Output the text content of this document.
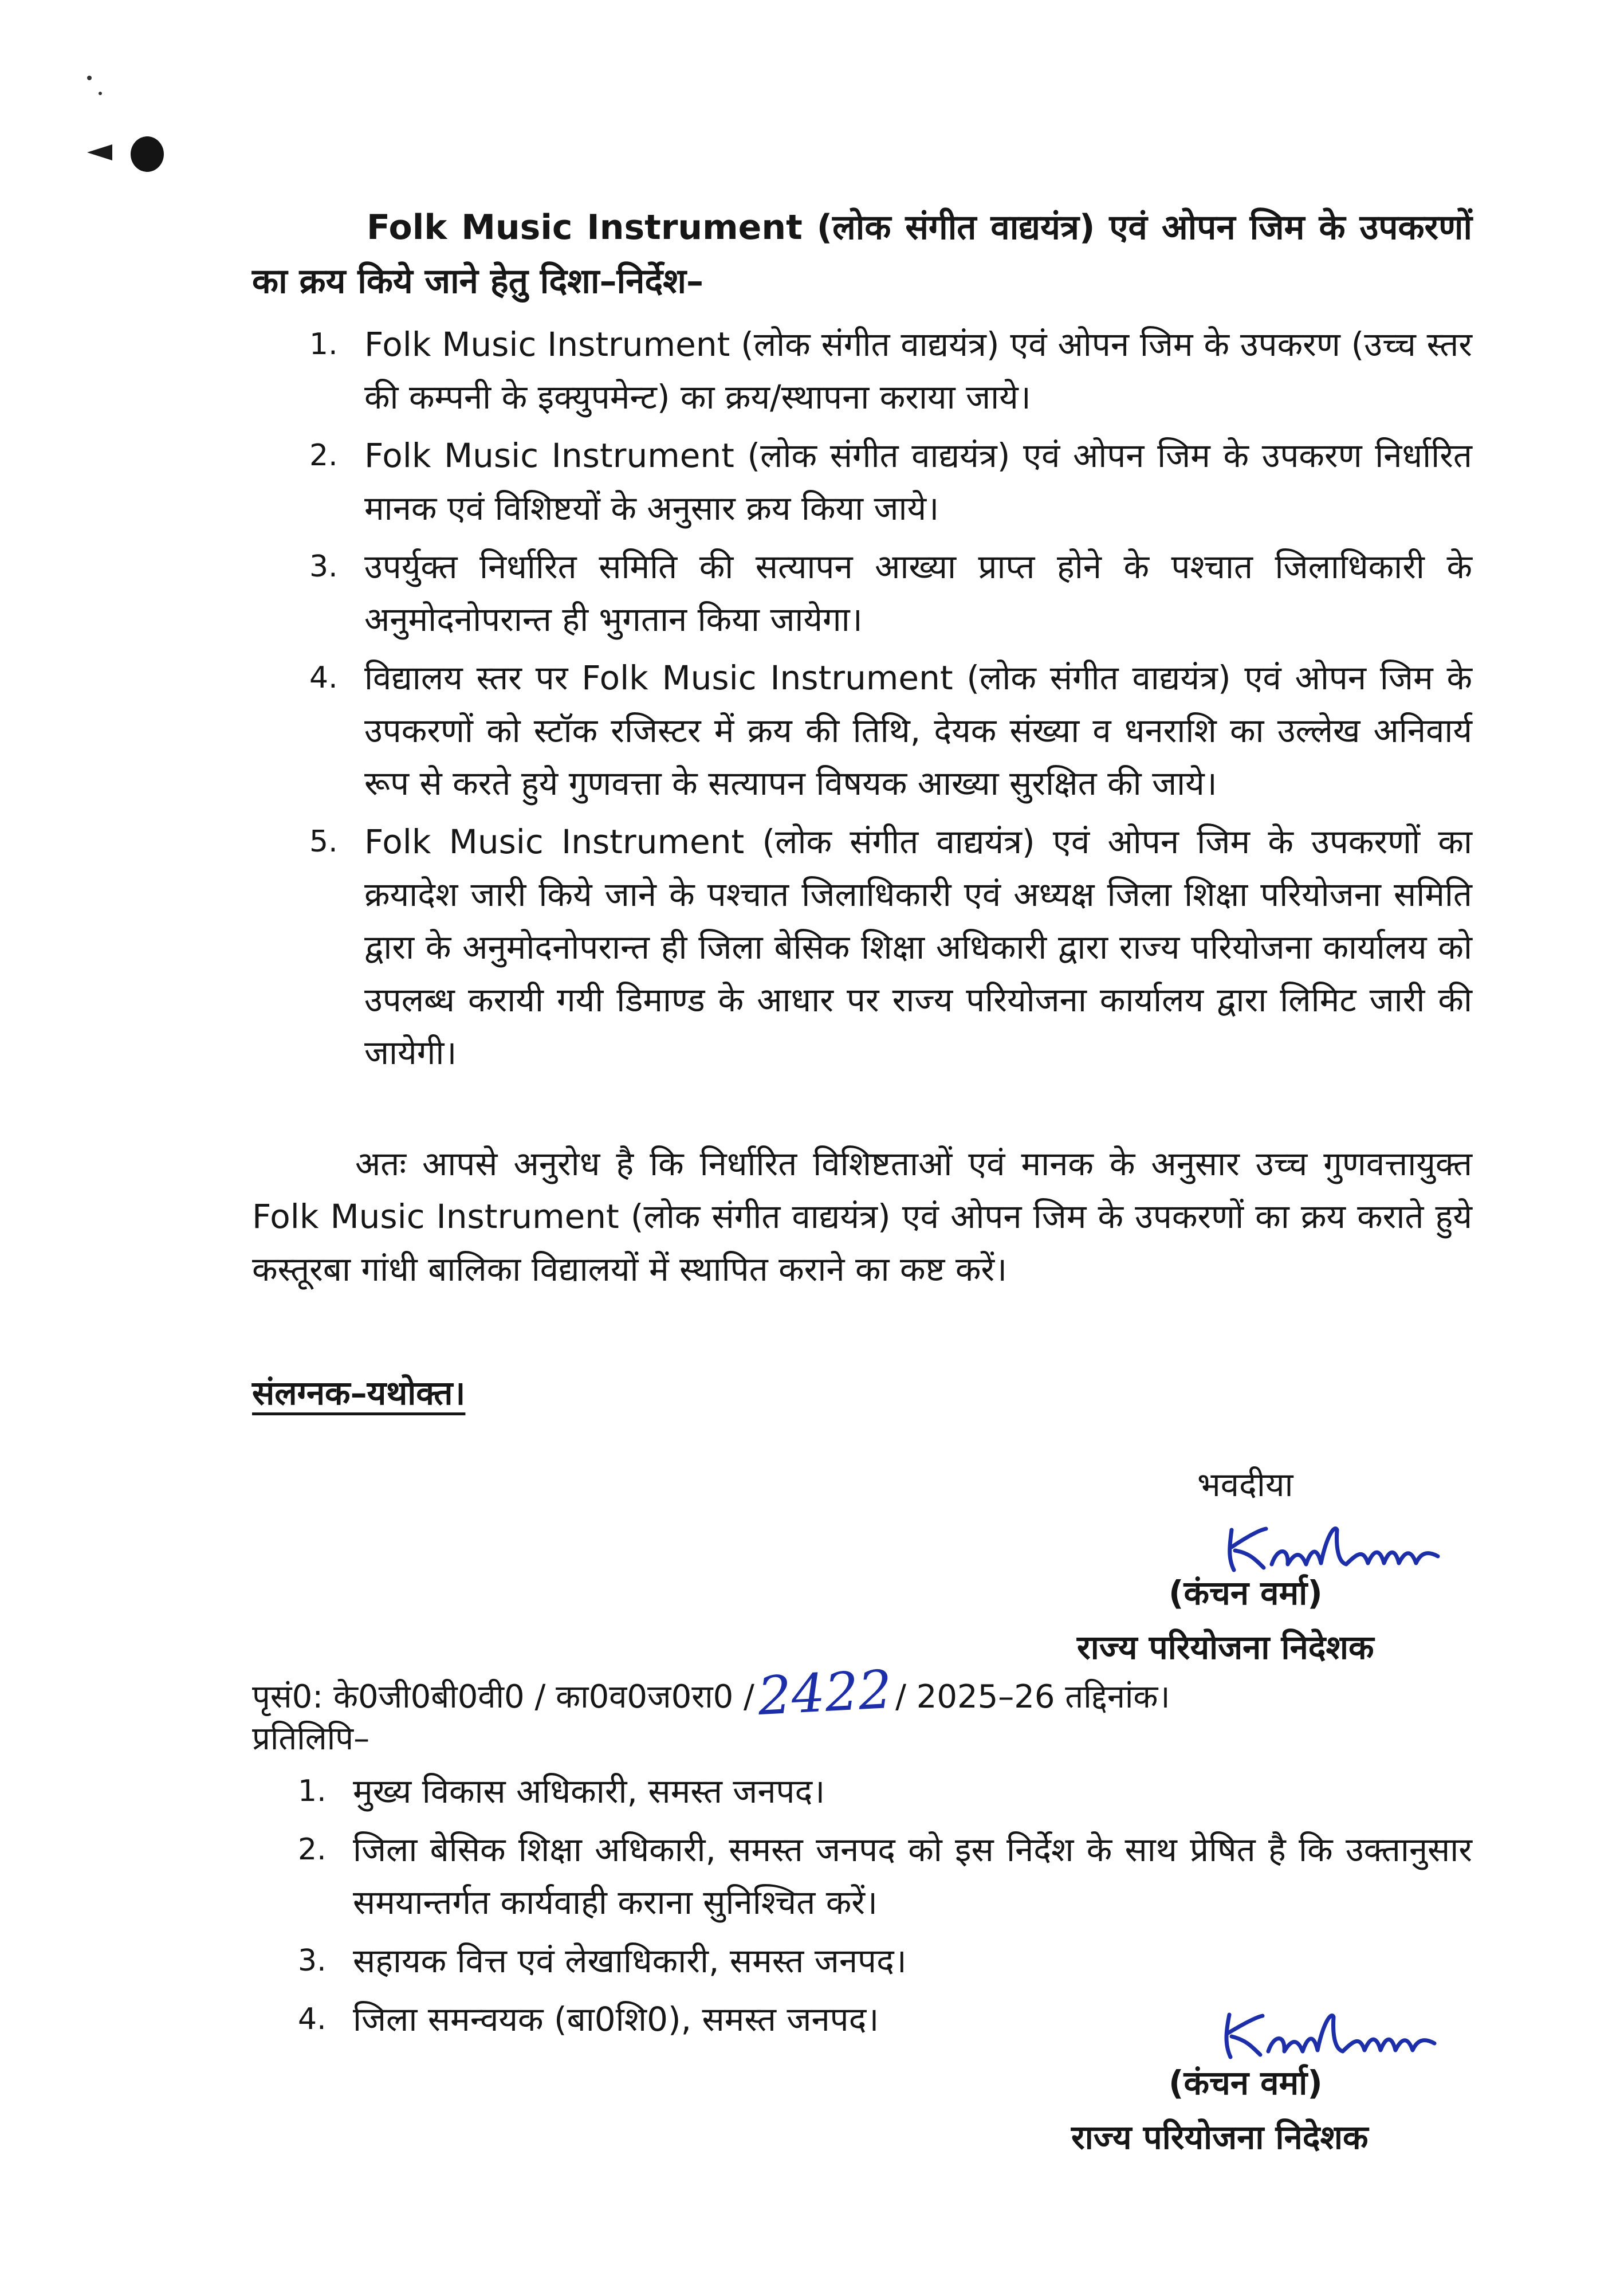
Folk Music Instrument (लोक संगीत वाद्ययंत्र) एवं ओपन जिम के उपकरणों
का क्रय किये जाने हेतु दिशा–निर्देश–
1. Folk Music Instrument (लोक संगीत वाद्ययंत्र) एवं ओपन जिम के उपकरण (उच्च स्तर की कम्पनी के इक्युपमेन्ट) का क्रय/स्थापना कराया जाये।
2. Folk Music Instrument (लोक संगीत वाद्ययंत्र) एवं ओपन जिम के उपकरण निर्धारित मानक एवं विशिष्टयों के अनुसार क्रय किया जाये।
3. उपर्युक्त निर्धारित समिति की सत्यापन आख्या प्राप्त होने के पश्चात जिलाधिकारी के अनुमोदनोपरान्त ही भुगतान किया जायेगा।
4. विद्यालय स्तर पर Folk Music Instrument (लोक संगीत वाद्ययंत्र) एवं ओपन जिम के उपकरणों को स्टॉक रजिस्टर में क्रय की तिथि, देयक संख्या व धनराशि का उल्लेख अनिवार्य रूप से करते हुये गुणवत्ता के सत्यापन विषयक आख्या सुरक्षित की जाये।
5. Folk Music Instrument (लोक संगीत वाद्ययंत्र) एवं ओपन जिम के उपकरणों का क्रयादेश जारी किये जाने के पश्चात जिलाधिकारी एवं अध्यक्ष जिला शिक्षा परियोजना समिति द्वारा के अनुमोदनोपरान्त ही जिला बेसिक शिक्षा अधिकारी द्वारा राज्य परियोजना कार्यालय को उपलब्ध करायी गयी डिमाण्ड के आधार पर राज्य परियोजना कार्यालय द्वारा लिमिट जारी की जायेगी।
अतः आपसे अनुरोध है कि निर्धारित विशिष्टताओं एवं मानक के अनुसार उच्च गुणवत्तायुक्त Folk Music Instrument (लोक संगीत वाद्ययंत्र) एवं ओपन जिम के उपकरणों का क्रय कराते हुये कस्तूरबा गांधी बालिका विद्यालयों में स्थापित कराने का कष्ट करें।
संलग्नक–यथोक्त।
भवदीया
(कंचन वर्मा)
राज्य परियोजना निदेशक
पृसं0: के0जी0बी0वी0 / का0व0ज0रा0 /2422/ 2025–26 तद्दिनांक।
प्रतिलिपि–
1. मुख्य विकास अधिकारी, समस्त जनपद।
2. जिला बेसिक शिक्षा अधिकारी, समस्त जनपद को इस निर्देश के साथ प्रेषित है कि उक्तानुसार समयान्तर्गत कार्यवाही कराना सुनिश्चित करें।
3. सहायक वित्त एवं लेखाधिकारी, समस्त जनपद।
4. जिला समन्वयक (बा0शि0), समस्त जनपद।
(कंचन वर्मा)
राज्य परियोजना निदेशक
